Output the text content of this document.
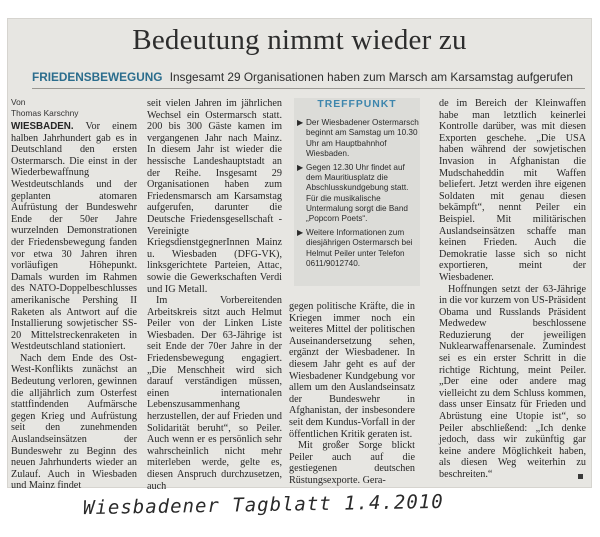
Bedeutung nimmt wieder zu
FRIEDENSBEWEGUNG Insgesamt 29 Organisationen haben zum Marsch am Karsamstag aufgerufen
Von
Thomas Karschny

WIESBADEN. Vor einem halben Jahrhundert gab es in Deutschland den ersten Ostermarsch. Die einst in der Wiederbewaffnung Westdeutschlands und der geplanten atomaren Aufrüstung der Bundeswehr Ende der 50er Jahre wurzelnden Demonstrationen der Friedensbewegung fanden vor etwa 30 Jahren ihren vorläufigen Höhepunkt. Damals wurden im Rahmen des NATO-Doppelbeschlusses amerikanische Pershing II Raketen als Antwort auf die Installierung sowjetischer SS-20 Mittelstreckenraketen in Westdeutschland stationiert.

Nach dem Ende des Ost-West-Konflikts zunächst an Bedeutung verloren, gewinnen die alljährlich zum Osterfest stattfindenden Aufmärsche gegen Krieg und Aufrüstung seit den zunehmenden Auslandseinsätzen der Bundeswehr zu Beginn des neuen Jahrhunderts wieder an Zulauf. Auch in Wiesbaden und Mainz findet

seit vielen Jahren im jährlichen Wechsel ein Ostermarsch statt. 200 bis 300 Gäste kamen im vergangenen Jahr nach Mainz. In diesem Jahr ist wieder die hessische Landeshauptstadt an der Reihe. Insgesamt 29 Organisationen haben zum Friedensmarsch am Karsamstag aufgerufen, darunter die Deutsche Friedensgesellschaft - Vereinigte KriegsdienstgegnerInnen Mainz u. Wiesbaden (DFG-VK), linksgerichtete Parteien, Attac, sowie die Gewerkschaften Verdi und IG Metall.

Im Vorbereitenden Arbeitskreis sitzt auch Helmut Peiler von der Linken Liste Wiesbaden. Der 63-Jährige ist seit Ende der 70er Jahre in der Friedensbewegung engagiert. „Die Menschheit wird sich darauf verständigen müssen, einen internationalen Lebenszusammenhang herzustellen, der auf Frieden und Solidarität beruht“, so Peiler. Auch wenn er es persönlich sehr wahrscheinlich nicht mehr miterleben werde, gelte es, diesen Anspruch durchzusetzen, auch

TREFFPUNKT
▶ Der Wiesbadener Ostermarsch beginnt am Samstag um 10.30 Uhr am Hauptbahnhof Wiesbaden.
▶ Gegen 12.30 Uhr findet auf dem Mauritiusplatz die Abschlusskundgebung statt. Für die musikalische Untermalung sorgt die Band „Popcorn Poets“.
▶ Weitere Informationen zum diesjährigen Ostermarsch bei Helmut Peiler unter Telefon 0611/9012740.

gegen politische Kräfte, die in Kriegen immer noch ein weiteres Mittel der politischen Auseinandersetzung sehen, ergänzt der Wiesbadener. In diesem Jahr geht es auf der Wiesbadener Kundgebung vor allem um den Auslandseinsatz der Bundeswehr in Afghanistan, der insbesondere seit dem Kundus-Vorfall in der öffentlichen Kritik geraten ist.

Mit großer Sorge blickt Peiler auch auf die gestiegenen deutschen Rüstungsexporte. Gera-

de im Bereich der Kleinwaffen habe man letztlich keinerlei Kontrolle darüber, was mit diesen Exporten geschehe. „Die USA haben während der sowjetischen Invasion in Afghanistan die Mudschaheddin mit Waffen beliefert. Jetzt werden ihre eigenen Soldaten mit genau diesen bekämpft“, nennt Peiler ein Beispiel. Mit militärischen Auslandseinsätzen schaffe man keinen Frieden. Auch die Demokratie lasse sich so nicht exportieren, meint der Wiesbadener.

Hoffnungen setzt der 63-Jährige in die vor kurzem von US-Präsident Obama und Russlands Präsident Medwedew beschlossene Reduzierung der jeweiligen Nuklearwaffenarsenale. Zumindest sei es ein erster Schritt in die richtige Richtung, meint Peiler. „Der eine oder andere mag vielleicht zu dem Schluss kommen, dass unser Einsatz für Frieden und Abrüstung eine Utopie ist“, so Peiler abschließend: „Ich denke jedoch, dass wir zukünftig gar keine andere Möglichkeit haben, als diesen Weg weiterhin zu beschreiten.“

Wiesbadener Tagblatt 1.4.2010
